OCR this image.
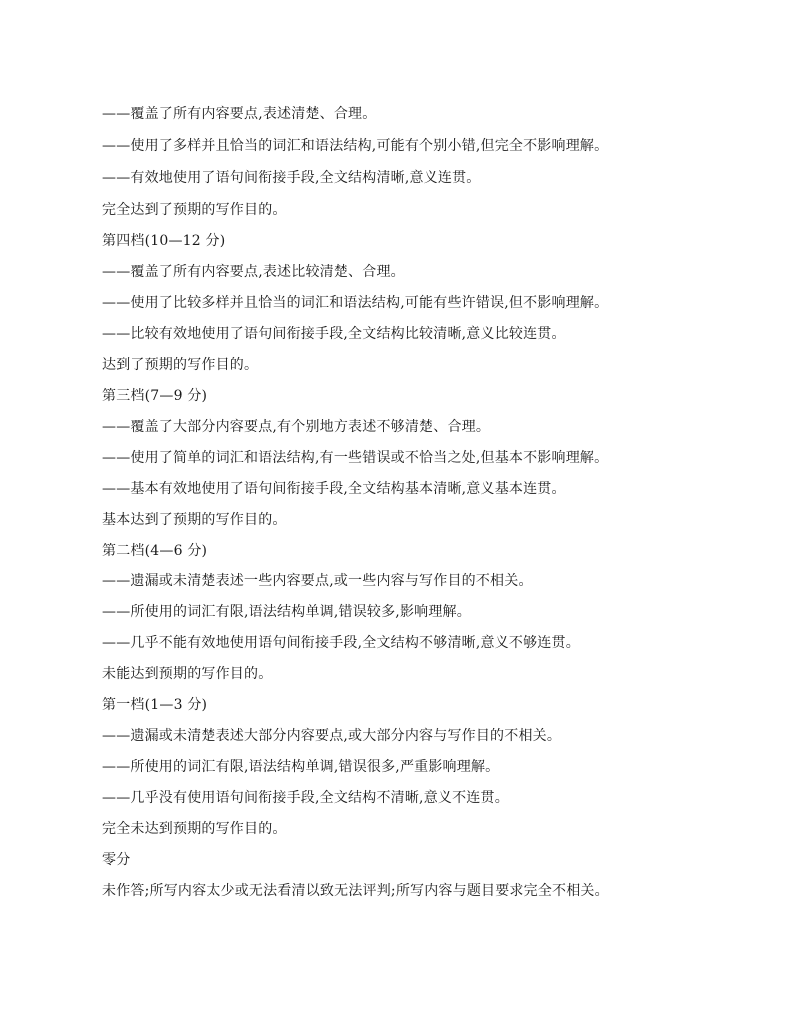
——覆盖了所有内容要点,表述清楚、合理。
——使用了多样并且恰当的词汇和语法结构,可能有个别小错,但完全不影响理解。
——有效地使用了语句间衔接手段,全文结构清晰,意义连贯。
完全达到了预期的写作目的。
第四档(10—12 分)
——覆盖了所有内容要点,表述比较清楚、合理。
——使用了比较多样并且恰当的词汇和语法结构,可能有些许错误,但不影响理解。
——比较有效地使用了语句间衔接手段,全文结构比较清晰,意义比较连贯。
达到了预期的写作目的。
第三档(7—9 分)
——覆盖了大部分内容要点,有个别地方表述不够清楚、合理。
——使用了简单的词汇和语法结构,有一些错误或不恰当之处,但基本不影响理解。
——基本有效地使用了语句间衔接手段,全文结构基本清晰,意义基本连贯。
基本达到了预期的写作目的。
第二档(4—6 分)
——遗漏或未清楚表述一些内容要点,或一些内容与写作目的不相关。
——所使用的词汇有限,语法结构单调,错误较多,影响理解。
——几乎不能有效地使用语句间衔接手段,全文结构不够清晰,意义不够连贯。
未能达到预期的写作目的。
第一档(1—3 分)
——遗漏或未清楚表述大部分内容要点,或大部分内容与写作目的不相关。
——所使用的词汇有限,语法结构单调,错误很多,严重影响理解。
——几乎没有使用语句间衔接手段,全文结构不清晰,意义不连贯。
完全未达到预期的写作目的。
零分
未作答;所写内容太少或无法看清以致无法评判;所写内容与题目要求完全不相关。
